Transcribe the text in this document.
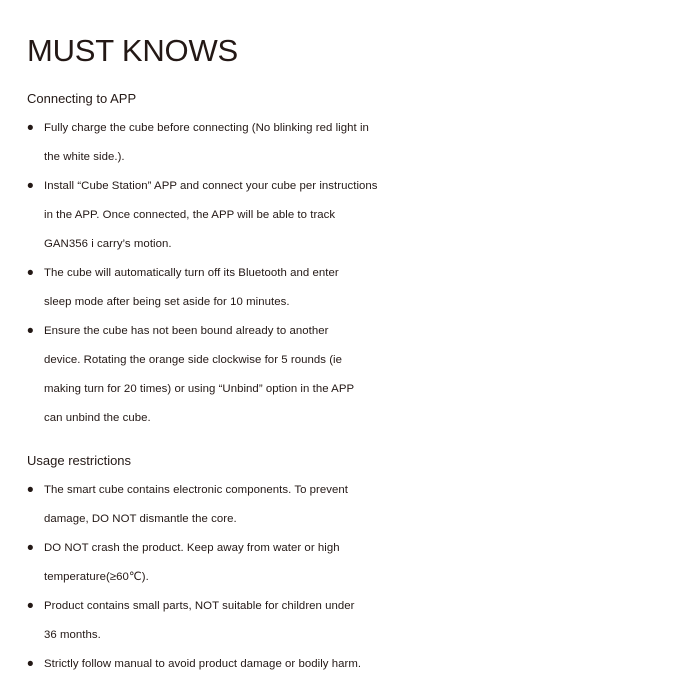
MUST KNOWS
Connecting to APP
• Fully charge the cube before connecting (No blinking red light in
the white side.).
• Install “Cube Station” APP and connect your cube per instructions
in the APP. Once connected, the APP will be able to track
GAN356 i carry’s motion.
• The cube will automatically turn off its Bluetooth and enter
sleep mode after being set aside for 10 minutes.
• Ensure the cube has not been bound already to another
device. Rotating the orange side clockwise for 5 rounds (ie
making turn for 20 times) or using “Unbind” option in the APP
can unbind the cube.
Usage restrictions
• The smart cube contains electronic components. To prevent
damage, DO NOT dismantle the core.
• DO NOT crash the product. Keep away from water or high
temperature(≥60℃).
• Product contains small parts, NOT suitable for children under
36 months.
• Strictly follow manual to avoid product damage or bodily harm.
